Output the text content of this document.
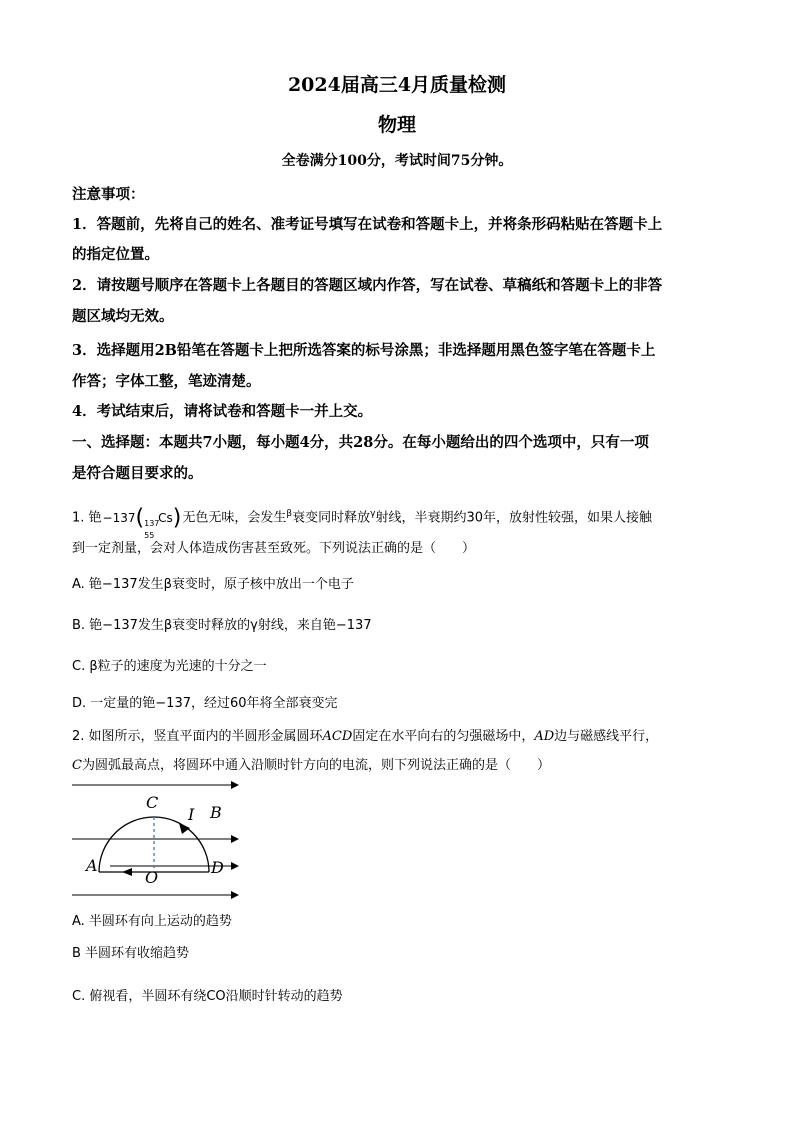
2024届高三4月质量检测
物理
全卷满分100分，考试时间75分钟。
注意事项：
1．答题前，先将自己的姓名、准考证号填写在试卷和答题卡上，并将条形码粘贴在答题卡上
的指定位置。
2．请按题号顺序在答题卡上各题目的答题区域内作答，写在试卷、草稿纸和答题卡上的非答
题区域均无效。
3．选择题用2B铅笔在答题卡上把所选答案的标号涂黑；非选择题用黑色签字笔在答题卡上
作答；字体工整，笔迹清楚。
4．考试结束后，请将试卷和答题卡一并上交。
一、选择题：本题共7小题，每小题4分，共28分。在每小题给出的四个选项中，只有一项
是符合题目要求的。
1. 铯−137( 137
55
Cs)无色无味，会发生$^\beta$衰变同时释放$^\gamma$射线，半衰期约30年，放射性较强，如果人接触
到一定剂量，会对人体造成伤害甚至致死。下列说法正确的是（　　）
A. 铯−137发生β衰变时，原子核中放出一个电子
B. 铯−137发生β衰变时释放的γ射线，来自铯−137
C. β粒子的速度为光速的十分之一
D. 一定量的铯−137，经过60年将全部衰变完
2. 如图所示，竖直平面内的半圆形金属圆环ACD固定在水平向右的匀强磁场中，AD边与磁感线平行，
C为圆弧最高点，将圆环中通入沿顺时针方向的电流，则下列说法正确的是（　　）
C
I B
A
O
D
A. 半圆环有向上运动的趋势
B 半圆环有收缩趋势
C. 俯视看，半圆环有绕CO沿顺时针转动的趋势
